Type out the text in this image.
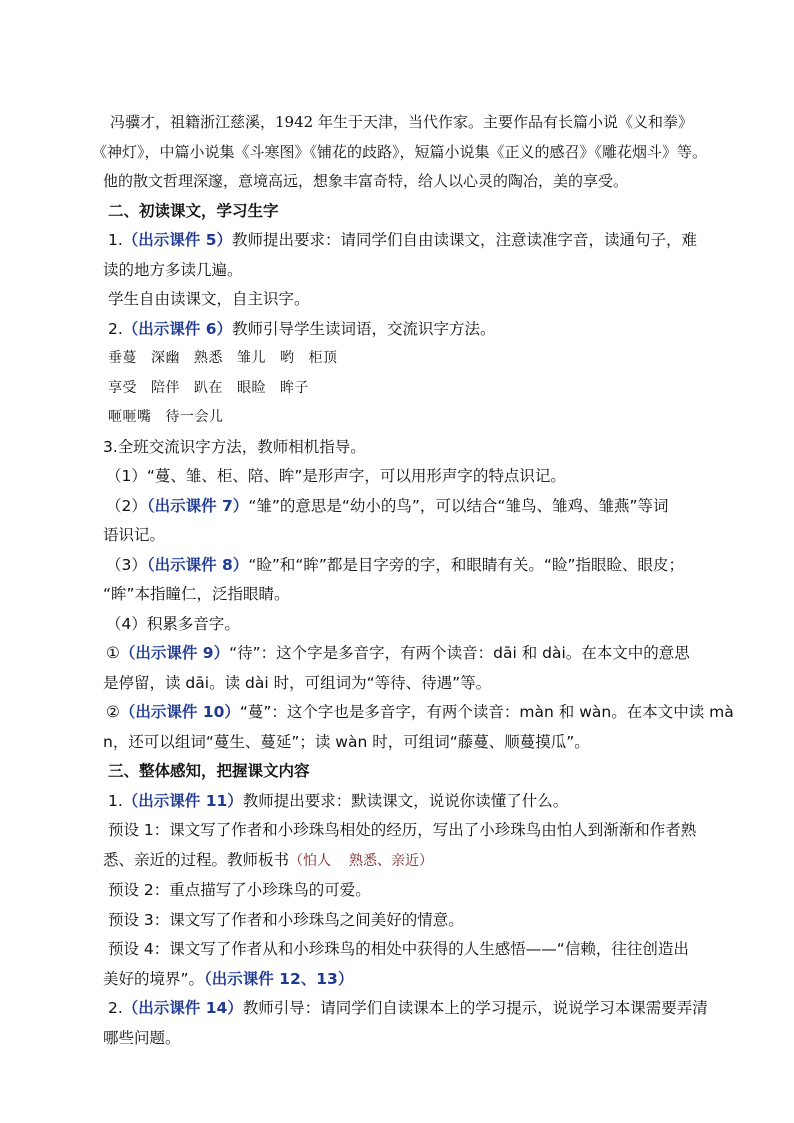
冯骥才，祖籍浙江慈溪，1942 年生于天津，当代作家。主要作品有长篇小说《义和拳》
《神灯》，中篇小说集《斗寒图》《铺花的歧路》，短篇小说集《正义的感召》《雕花烟斗》等。
他的散文哲理深邃，意境高远，想象丰富奇特，给人以心灵的陶冶，美的享受。
二、初读课文，学习生字
1.（出示课件 5）教师提出要求：请同学们自由读课文，注意读准字音，读通句子，难
读的地方多读几遍。
学生自由读课文，自主识字。
2.（出示课件 6）教师引导学生读词语，交流识字方法。
垂蔓 深幽 熟悉 雏儿 哟 柜顶
享受 陪伴 趴在 眼睑 眸子
咂咂嘴 待一会儿
3.全班交流识字方法，教师相机指导。
（1）“蔓、雏、柜、陪、眸”是形声字，可以用形声字的特点识记。
（2）（出示课件 7）“雏”的意思是“幼小的鸟”，可以结合“雏鸟、雏鸡、雏燕”等词
语识记。
（3）（出示课件 8）“睑”和“眸”都是目字旁的字，和眼睛有关。“睑”指眼睑、眼皮；
“眸”本指瞳仁，泛指眼睛。
（4）积累多音字。
①（出示课件 9）“待”：这个字是多音字，有两个读音：dāi 和 dài。在本文中的意思
是停留，读 dāi。读 dài 时，可组词为“等待、待遇”等。
②（出示课件 10）“蔓”：这个字也是多音字，有两个读音：màn 和 wàn。在本文中读 mà
n，还可以组词“蔓生、蔓延”；读 wàn 时，可组词“藤蔓、顺蔓摸瓜”。
三、整体感知，把握课文内容
1.（出示课件 11）教师提出要求：默读课文，说说你读懂了什么。
预设 1：课文写了作者和小珍珠鸟相处的经历，写出了小珍珠鸟由怕人到渐渐和作者熟
悉、亲近的过程。教师板书（怕人 熟悉、亲近）
预设 2：重点描写了小珍珠鸟的可爱。
预设 3：课文写了作者和小珍珠鸟之间美好的情意。
预设 4：课文写了作者从和小珍珠鸟的相处中获得的人生感悟——“信赖，往往创造出
美好的境界”。（出示课件 12、13）
2.（出示课件 14）教师引导：请同学们自读课本上的学习提示，说说学习本课需要弄清
哪些问题。
